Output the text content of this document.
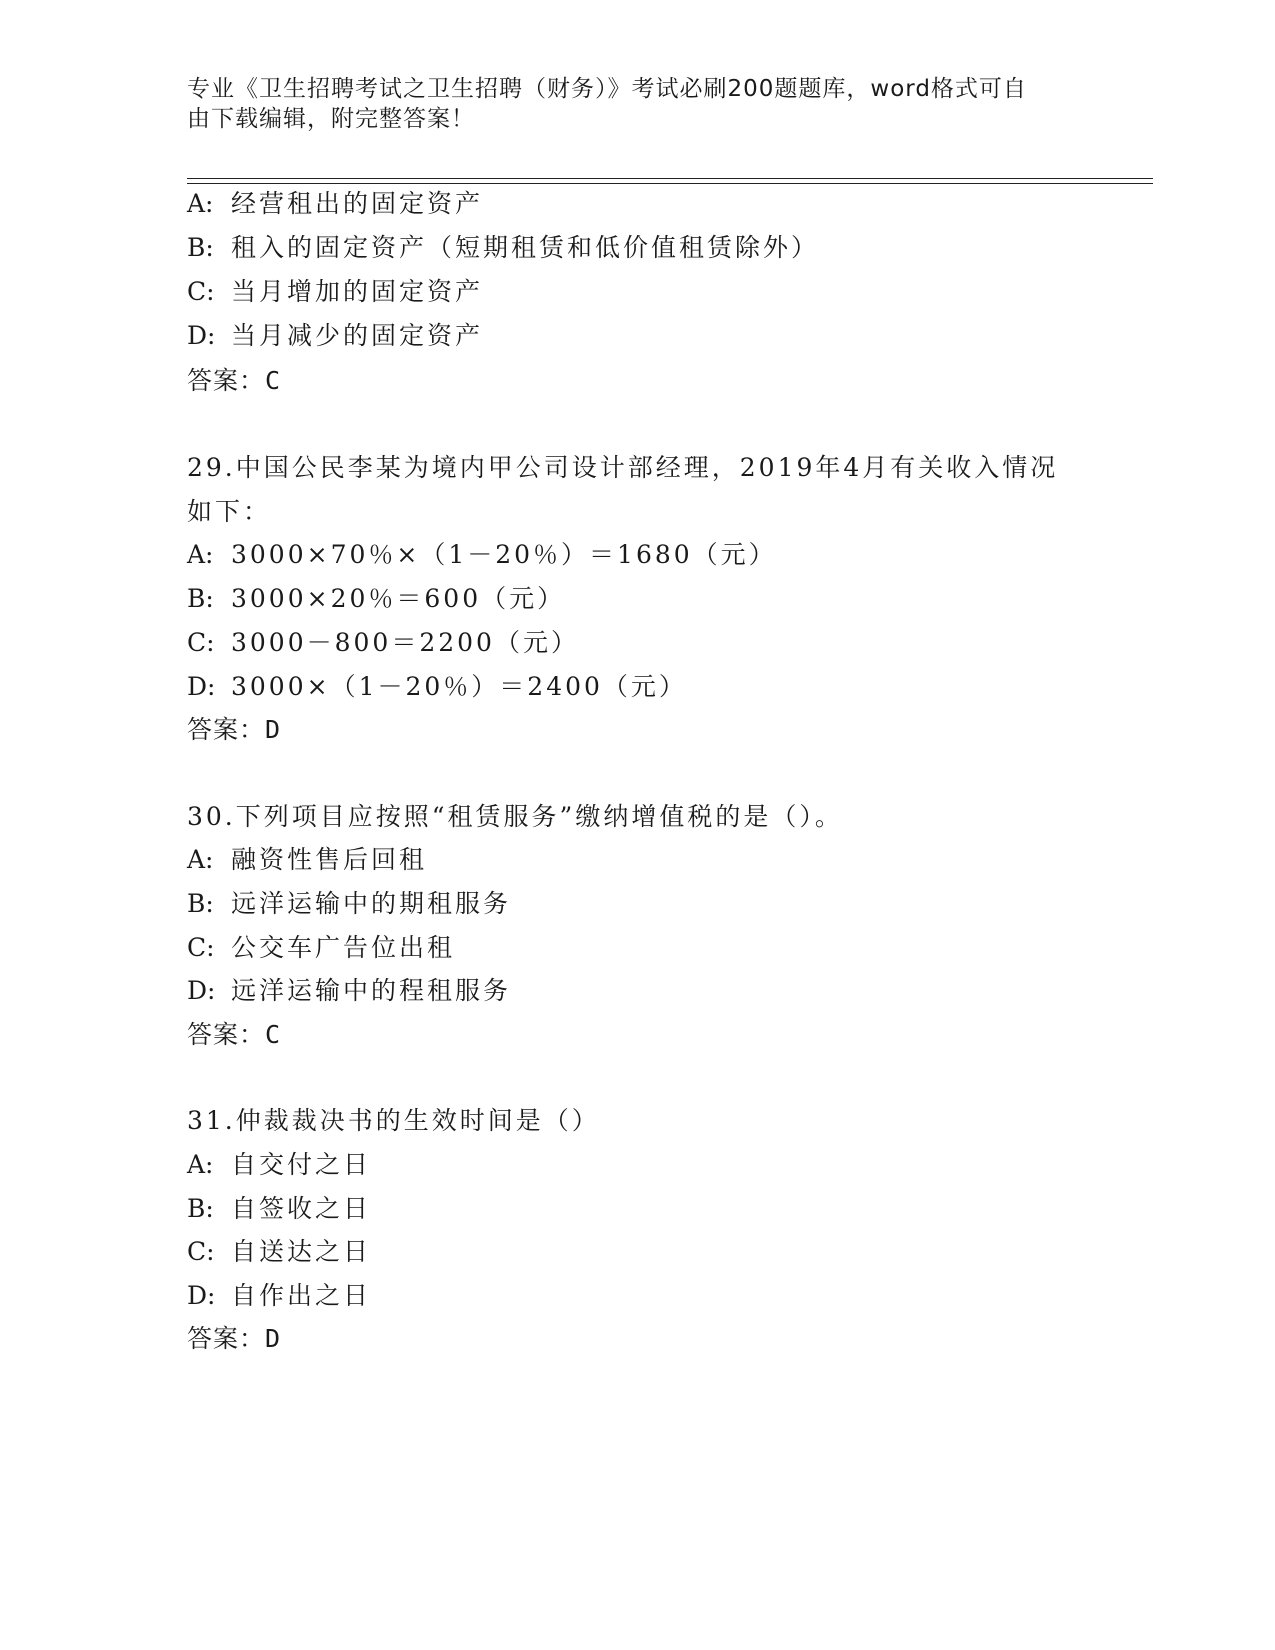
专业《卫生招聘考试之卫生招聘（财务）》考试必刷200题题库，word格式可自
由下载编辑，附完整答案！
A: 经营租出的固定资产
B: 租入的固定资产（短期租赁和低价值租赁除外）
C: 当月增加的固定资产
D: 当月减少的固定资产
答案：C
29.中国公民李某为境内甲公司设计部经理，2019年4月有关收入情况
如下：
A: 3000×70％×（1－20％）＝1680（元）
B: 3000×20％＝600（元）
C: 3000－800＝2200（元）
D: 3000×（1－20％）＝2400（元）
答案：D
30.下列项目应按照“租赁服务”缴纳增值税的是（）。
A: 融资性售后回租
B: 远洋运输中的期租服务
C: 公交车广告位出租
D: 远洋运输中的程租服务
答案：C
31.仲裁裁决书的生效时间是（）
A: 自交付之日
B: 自签收之日
C: 自送达之日
D: 自作出之日
答案：D
